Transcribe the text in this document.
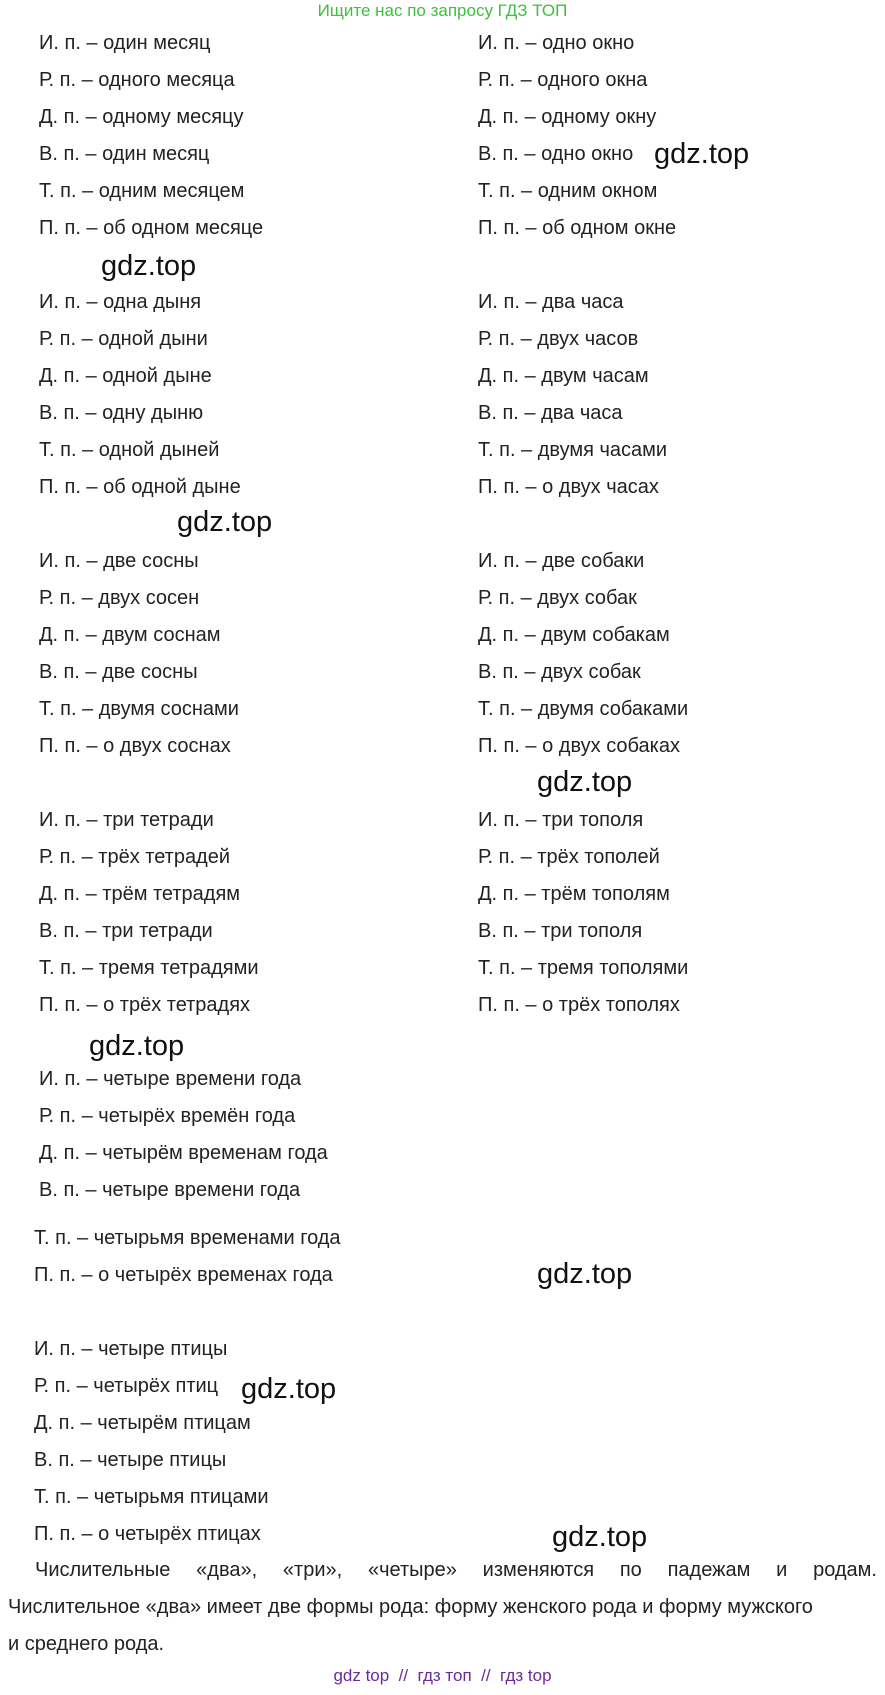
Ищите нас по запросу ГДЗ ТОП
И. п. – один месяц
Р. п. – одного месяца
Д. п. – одному месяцу
В. п. – один месяц
Т. п. – одним месяцем
П. п. – об одном месяце
И. п. – одно окно
Р. п. – одного окна
Д. п. – одному окну
В. п. – одно окно
Т. п. – одним окном
П. п. – об одном окне
gdz.top
gdz.top
И. п. – одна дыня
Р. п. – одной дыни
Д. п. – одной дыне
В. п. – одну дыню
Т. п. – одной дыней
П. п. – об одной дыне
И. п. – два часа
Р. п. – двух часов
Д. п. – двум часам
В. п. – два часа
Т. п. – двумя часами
П. п. – о двух часах
gdz.top
И. п. – две сосны
Р. п. – двух сосен
Д. п. – двум соснам
В. п. – две сосны
Т. п. – двумя соснами
П. п. – о двух соснах
И. п. – две собаки
Р. п. – двух собак
Д. п. – двум собакам
В. п. – двух собак
Т. п. – двумя собаками
П. п. – о двух собаках
gdz.top
И. п. – три тетради
Р. п. – трёх тетрадей
Д. п. – трём тетрадям
В. п. – три тетради
Т. п. – тремя тетрадями
П. п. – о трёх тетрадях
И. п. – три тополя
Р. п. – трёх тополей
Д. п. – трём тополям
В. п. – три тополя
Т. п. – тремя тополями
П. п. – о трёх тополях
gdz.top
И. п. – четыре времени года
Р. п. – четырёх времён года
Д. п. – четырём временам года
В. п. – четыре времени года
Т. п. – четырьмя временами года
П. п. – о четырёх временах года	gdz.top
И. п. – четыре птицы
Р. п. – четырёх птиц
Д. п. – четырём птицам
В. п. – четыре птицы
Т. п. – четырьмя птицами
П. п. – о четырёх птицах
gdz.top
gdz.top
Числительные «два», «три», «четыре» изменяются по падежам и родам.
Числительное «два» имеет две формы рода: форму женского рода и форму мужского
и среднего рода.
gdz top  //  гдз топ  //  гдз top
